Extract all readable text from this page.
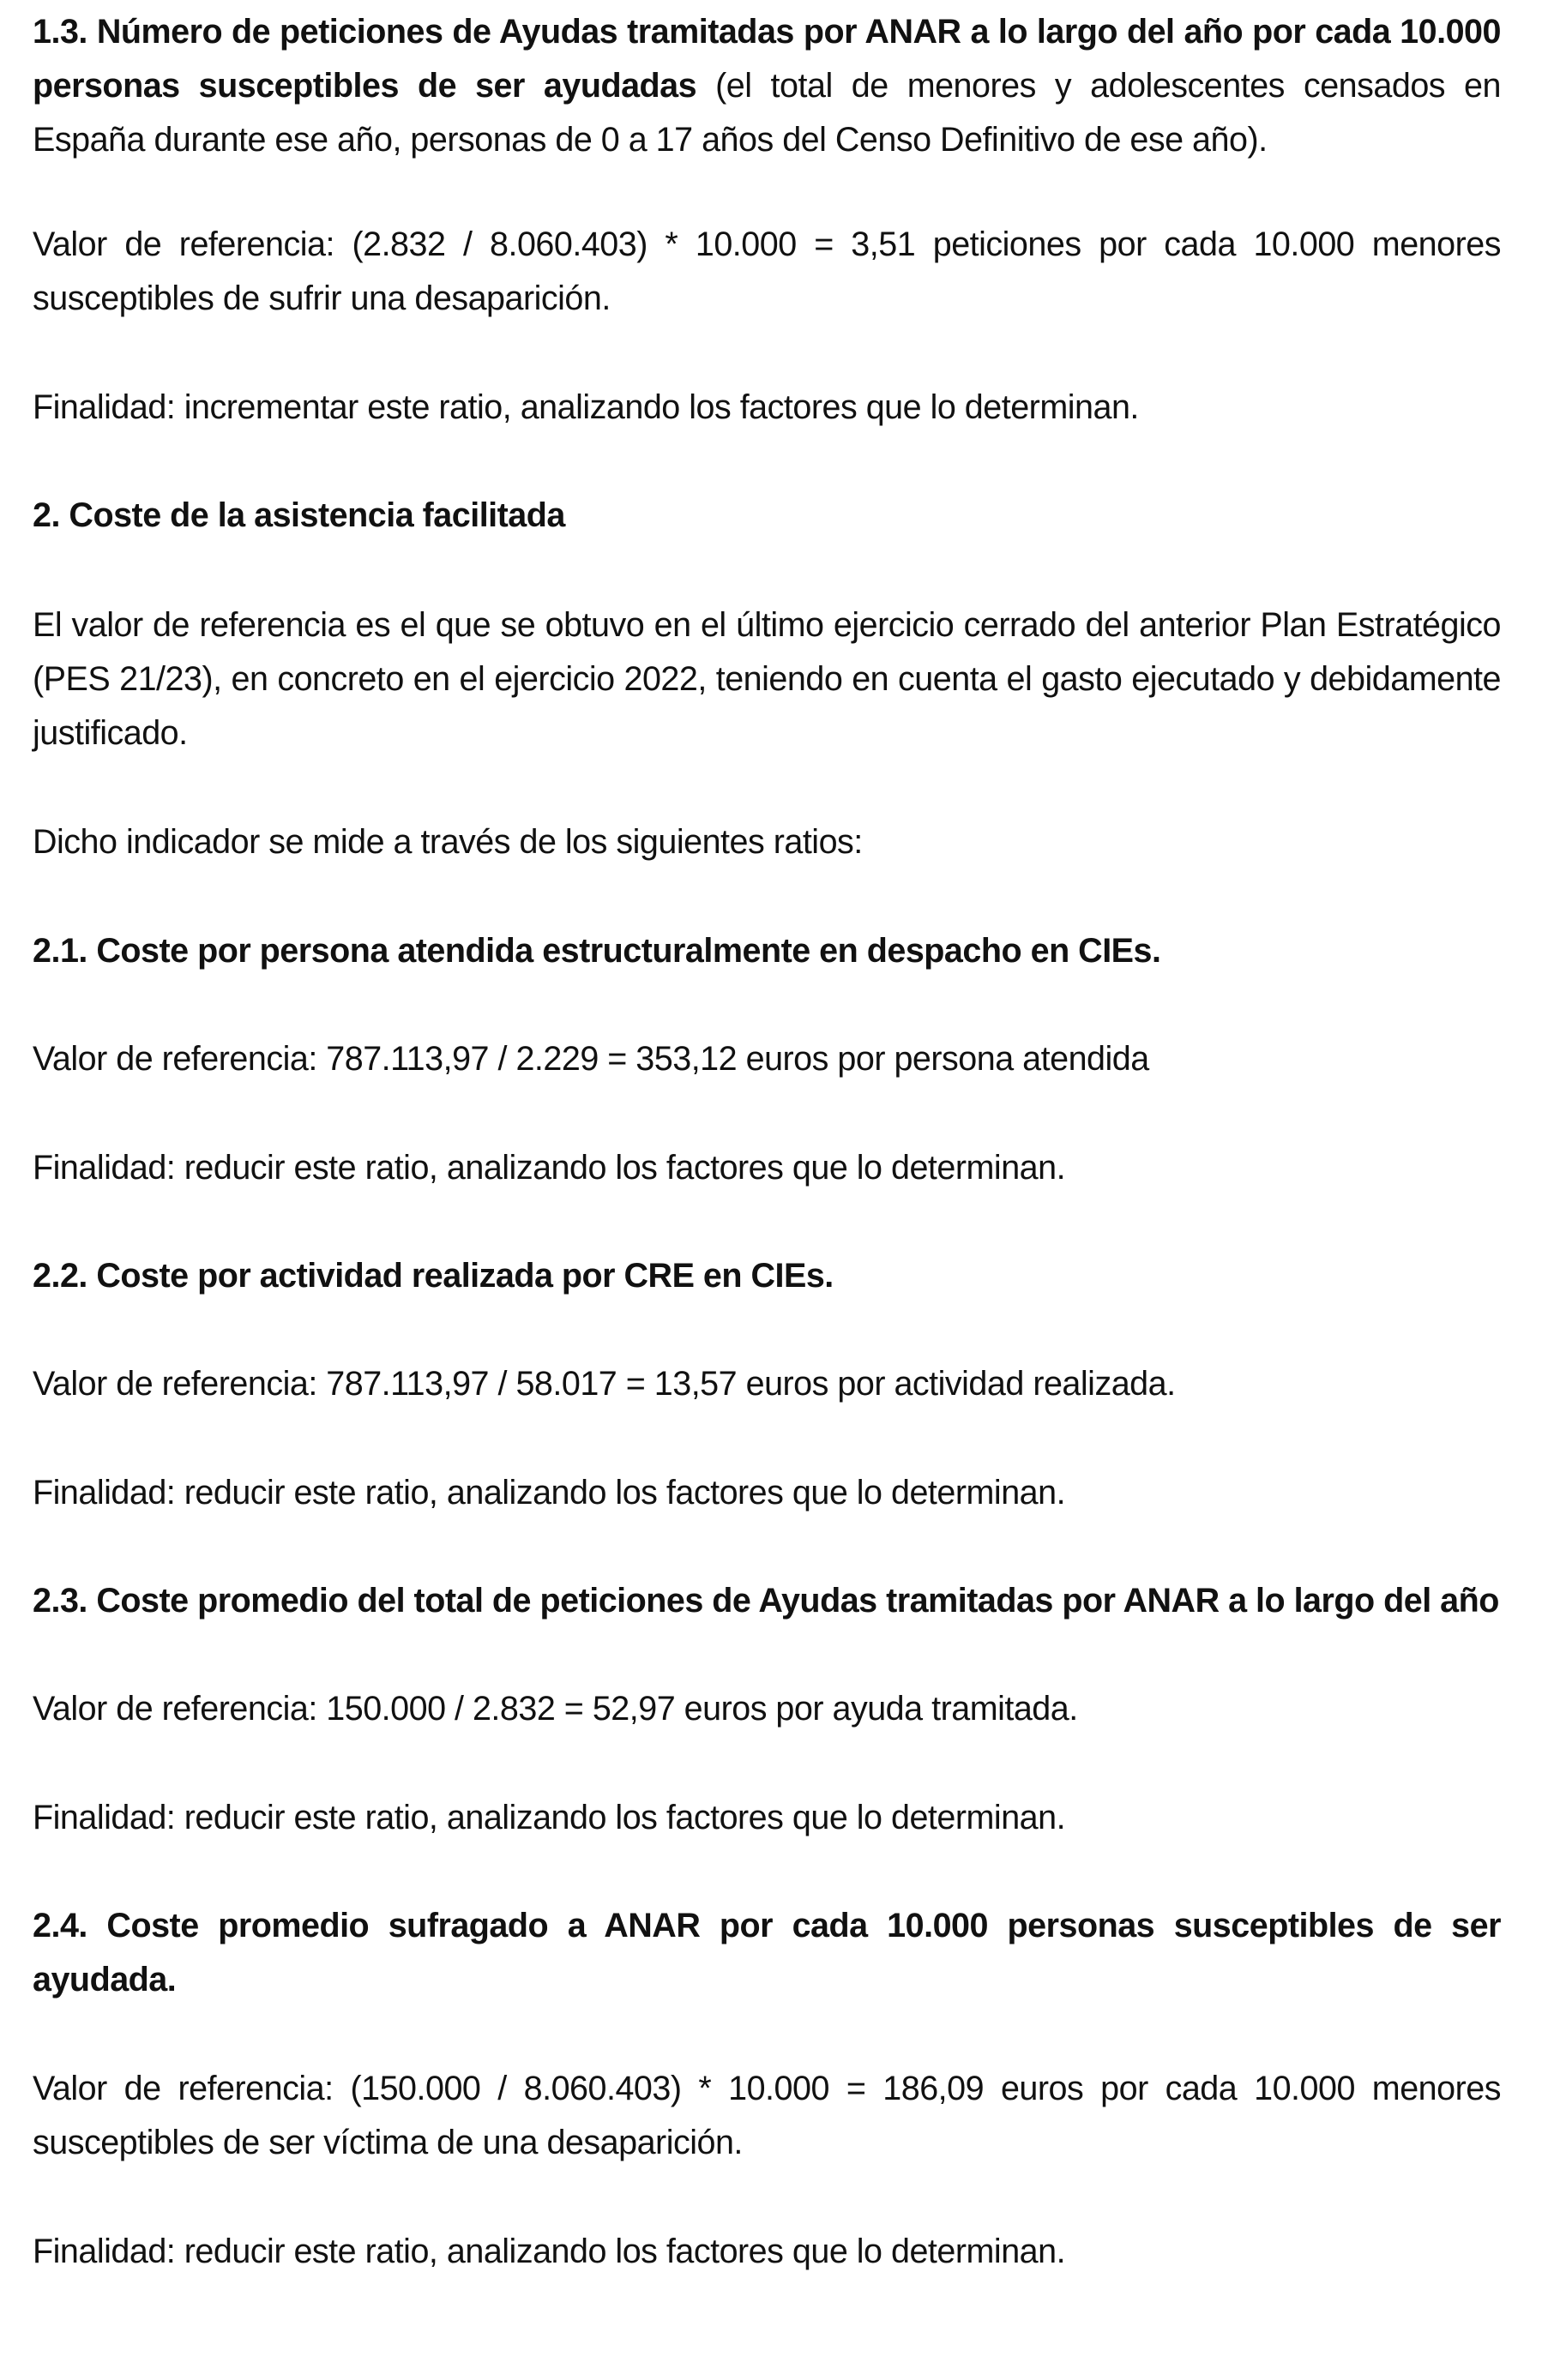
1.3. Número de peticiones de Ayudas tramitadas por ANAR a lo largo del año por cada 10.000 personas susceptibles de ser ayudadas (el total de menores y adolescentes censados en España durante ese año, personas de 0 a 17 años del Censo Definitivo de ese año).

Valor de referencia: (2.832 / 8.060.403) * 10.000 = 3,51 peticiones por cada 10.000 menores susceptibles de sufrir una desaparición.

Finalidad: incrementar este ratio, analizando los factores que lo determinan.

2. Coste de la asistencia facilitada

El valor de referencia es el que se obtuvo en el último ejercicio cerrado del anterior Plan Estratégico (PES 21/23), en concreto en el ejercicio 2022, teniendo en cuenta el gasto ejecutado y debidamente justificado.

Dicho indicador se mide a través de los siguientes ratios:

2.1. Coste por persona atendida estructuralmente en despacho en CIEs.

Valor de referencia: 787.113,97 / 2.229 = 353,12 euros por persona atendida

Finalidad: reducir este ratio, analizando los factores que lo determinan.

2.2. Coste por actividad realizada por CRE en CIEs.

Valor de referencia: 787.113,97 / 58.017 = 13,57 euros por actividad realizada.

Finalidad: reducir este ratio, analizando los factores que lo determinan.

2.3. Coste promedio del total de peticiones de Ayudas tramitadas por ANAR a lo largo del año

Valor de referencia: 150.000 / 2.832 = 52,97 euros por ayuda tramitada.

Finalidad: reducir este ratio, analizando los factores que lo determinan.

2.4. Coste promedio sufragado a ANAR por cada 10.000 personas susceptibles de ser ayudada.

Valor de referencia: (150.000 / 8.060.403) * 10.000 = 186,09 euros por cada 10.000 menores susceptibles de ser víctima de una desaparición.

Finalidad: reducir este ratio, analizando los factores que lo determinan.
